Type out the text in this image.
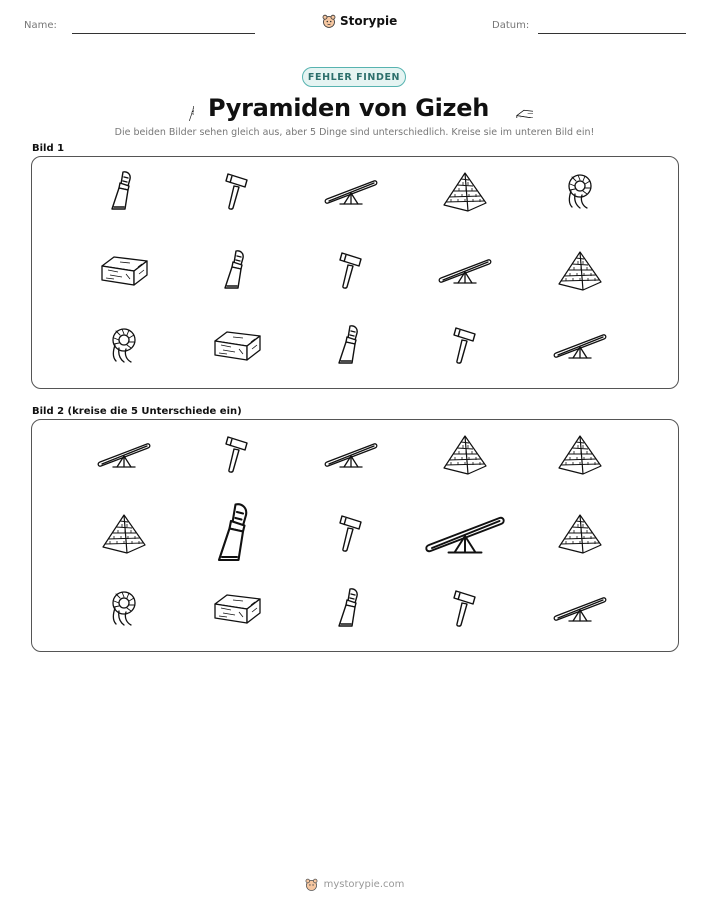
Name:	Storypie	Datum:
FEHLER FINDEN
Pyramiden von Gizeh
Die beiden Bilder sehen gleich aus, aber 5 Dinge sind unterschiedlich. Kreise sie im unteren Bild ein!
Bild 1
Bild 2 (kreise die 5 Unterschiede ein)
mystorypie.com
